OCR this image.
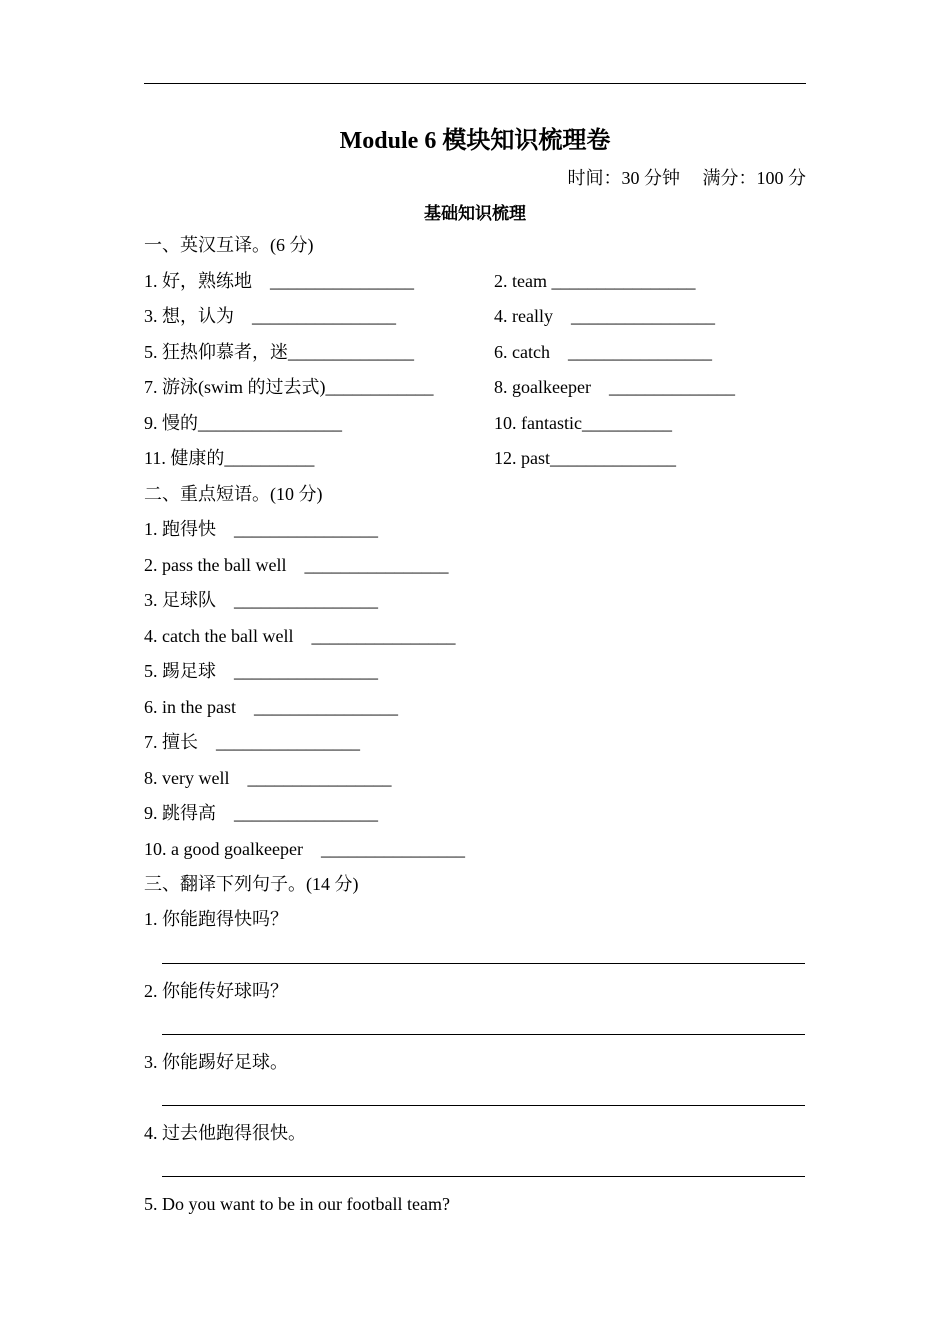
Module 6 模块知识梳理卷
时间：30 分钟　 满分：100 分
基础知识梳理
一、英汉互译。(6 分)
1. 好，熟练地　________________	2. team ________________
3. 想，认为　________________	4. really　________________
5. 狂热仰慕者，迷______________	6. catch　________________
7. 游泳(swim 的过去式)____________	8. goalkeeper　______________
9. 慢的________________	10. fantastic__________
11. 健康的__________	12. past______________
二、重点短语。(10 分)
1. 跑得快　________________
2. pass the ball well　________________
3. 足球队　________________
4. catch the ball well　________________
5. 踢足球　________________
6. in the past　________________
7. 擅长　________________
8. very well　________________
9. 跳得高　________________
10. a good goalkeeper　________________
三、翻译下列句子。(14 分)
1. 你能跑得快吗？
2. 你能传好球吗？
3. 你能踢好足球。
4. 过去他跑得很快。
5. Do you want to be in our football team?
